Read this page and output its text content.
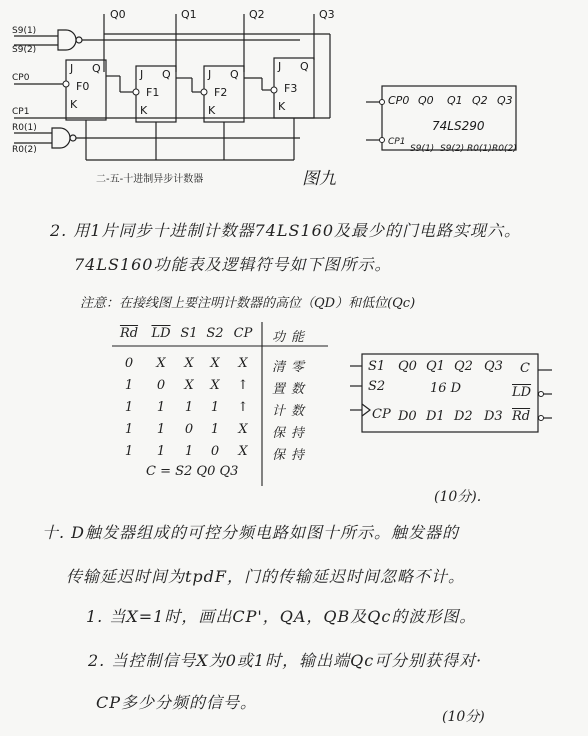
Q0	Q1	Q2	Q3
S9(1)
S9(2)
CP0
CP1
R0(1)
R0(2)
J Q
F0
K
J Q
F1
K
J Q
F2
K
J Q
F3
K
二-五-十进制异步计数器	图九
CP0 Q0 Q1 Q2 Q3
74LS290
CP1
S9(1) S9(2) R0(1) R0(2)
2. 用1片同步十进制计数器74LS160及最少的门电路实现六。
74LS160功能表及逻辑符号如下图所示。
注意：在接线图上要注明计数器的高位（QD）和低位(Qc)
$\overline{Rd}$ $\overline{LD}$ S1 S2 CP 功能
0	X	X	X	X	清零
1	0	X	X	↑	置数
1	1	1	1	↑	计数
1	1	0	1	X	保持
1	1	1	0	X	保持
C = S2 Q0 Q3
S1 Q0 Q1 Q2 Q3 C
S2	16 D	$\overline{LD}$
CP D0 D1 D2 D3 $\overline{Rd}$
(10分).
十. D触发器组成的可控分频电路如图十所示。触发器的
传输延迟时间为tpdF，门的传输延迟时间忽略不计。
1. 当X=1时，画出CP'，QA，QB及Qc的波形图。
2. 当控制信号X为0或1时，输出端Qc可分别获得对·
CP多少分频的信号。
(10分)
